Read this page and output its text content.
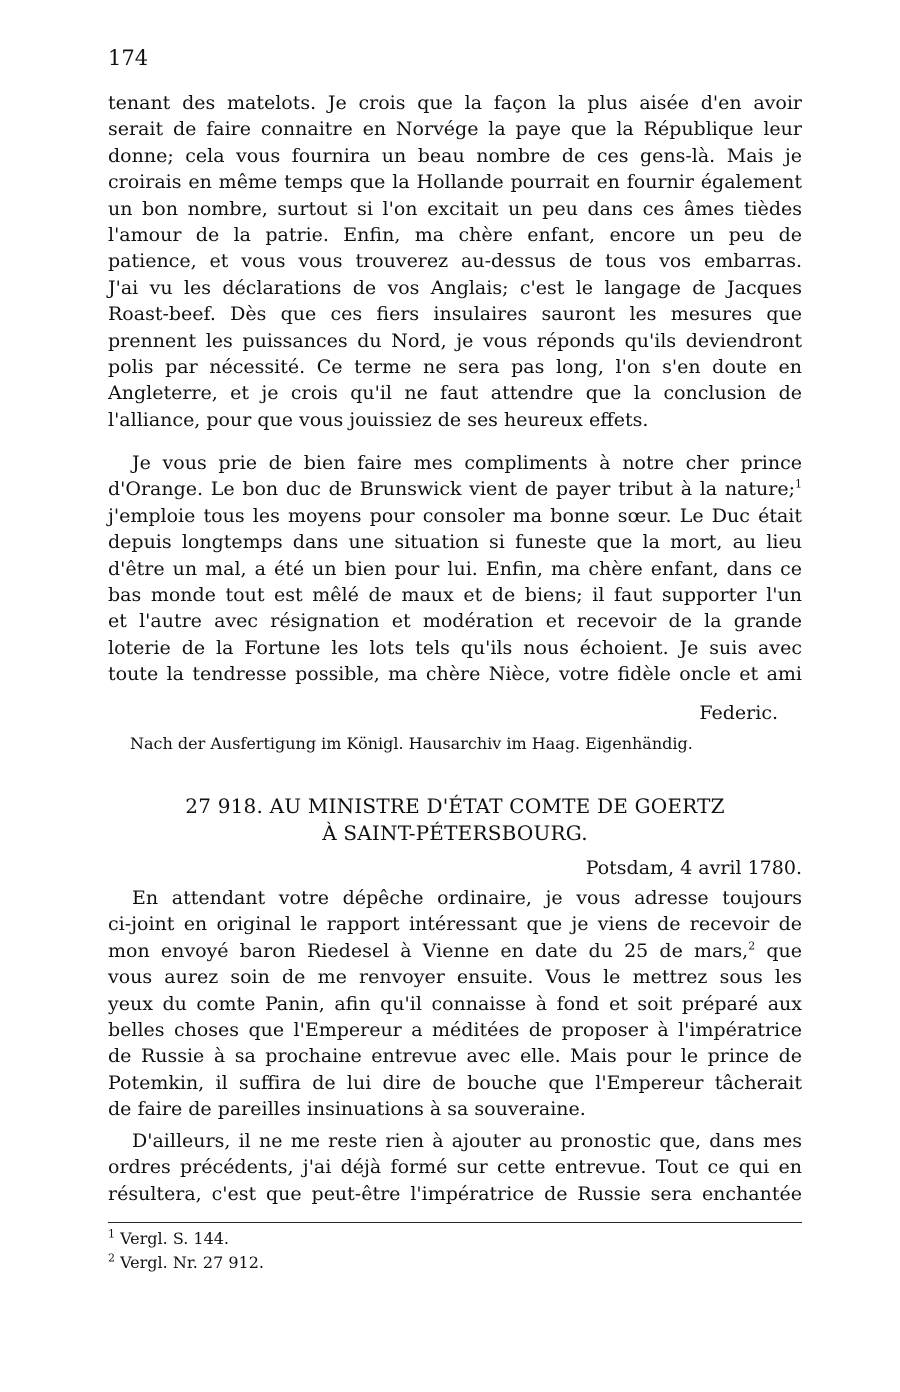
174

tenant des matelots. Je crois que la façon la plus aisée d'en avoir
serait de faire connaitre en Norvége la paye que la République leur
donne; cela vous fournira un beau nombre de ces gens-là. Mais je
croirais en même temps que la Hollande pourrait en fournir également
un bon nombre, surtout si l'on excitait un peu dans ces âmes tièdes
l'amour de la patrie. Enfin, ma chère enfant, encore un peu de
patience, et vous vous trouverez au-dessus de tous vos embarras.
J'ai vu les déclarations de vos Anglais; c'est le langage de Jacques
Roast-beef. Dès que ces fiers insulaires sauront les mesures que
prennent les puissances du Nord, je vous réponds qu'ils deviendront
polis par nécessité. Ce terme ne sera pas long, l'on s'en doute en
Angleterre, et je crois qu'il ne faut attendre que la conclusion de
l'alliance, pour que vous jouissiez de ses heureux effets.

Je vous prie de bien faire mes compliments à notre cher prince
d'Orange. Le bon duc de Brunswick vient de payer tribut à la nature;$^1$
j'emploie tous les moyens pour consoler ma bonne sœur. Le Duc était
depuis longtemps dans une situation si funeste que la mort, au lieu
d'être un mal, a été un bien pour lui. Enfin, ma chère enfant, dans ce
bas monde tout est mêlé de maux et de biens; il faut supporter l'un
et l'autre avec résignation et modération et recevoir de la grande
loterie de la Fortune les lots tels qu'ils nous échoient. Je suis avec
toute la tendresse possible, ma chère Nièce, votre fidèle oncle et ami

Federic.
Nach der Ausfertigung im Königl. Hausarchiv im Haag. Eigenhändig.
27 918. AU MINISTRE D'ÉTAT COMTE DE GOERTZ
À SAINT-PÉTERSBOURG.
Potsdam, 4 avril 1780.

En attendant votre dépêche ordinaire, je vous adresse toujours
ci-joint en original le rapport intéressant que je viens de recevoir de
mon envoyé baron Riedesel à Vienne en date du 25 de mars,$^2$ que
vous aurez soin de me renvoyer ensuite. Vous le mettrez sous les
yeux du comte Panin, afin qu'il connaisse à fond et soit préparé aux
belles choses que l'Empereur a méditées de proposer à l'impératrice
de Russie à sa prochaine entrevue avec elle. Mais pour le prince de
Potemkin, il suffira de lui dire de bouche que l'Empereur tâcherait
de faire de pareilles insinuations à sa souveraine.

D'ailleurs, il ne me reste rien à ajouter au pronostic que, dans mes
ordres précédents, j'ai déjà formé sur cette entrevue. Tout ce qui en
résultera, c'est que peut-être l'impératrice de Russie sera enchantée

$^1$ Vergl. S. 144.
$^2$ Vergl. Nr. 27 912.
